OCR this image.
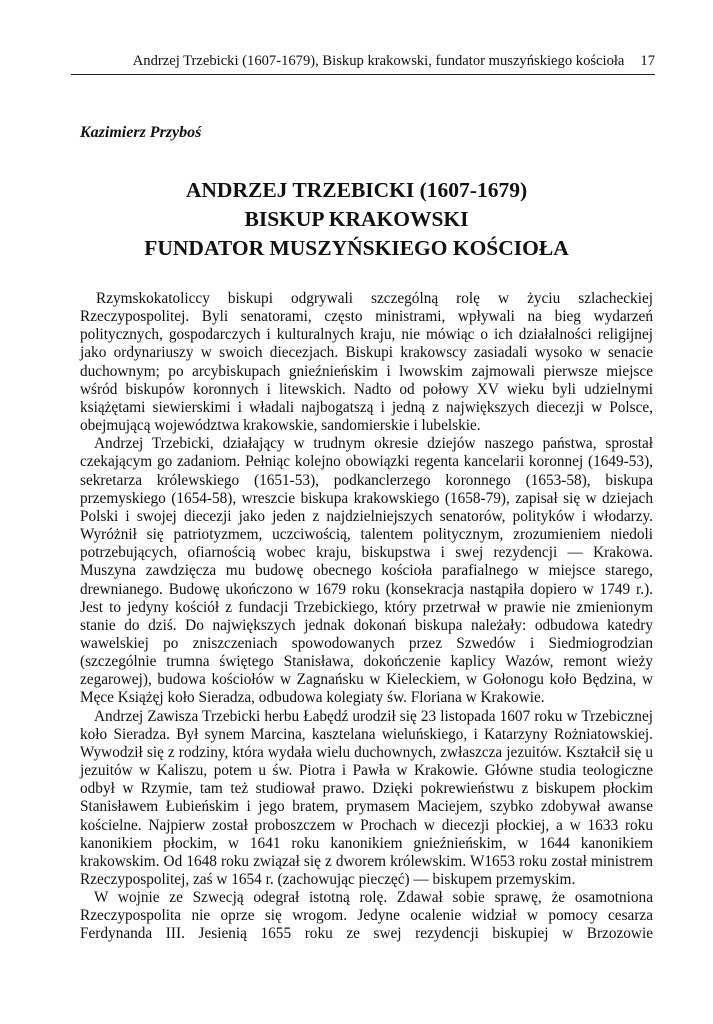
Andrzej Trzebicki (1607-1679), Biskup krakowski, fundator muszyńskiego kościoła 17
Kazimierz Przyboś
ANDRZEJ TRZEBICKI (1607-1679)
BISKUP KRAKOWSKI
FUNDATOR MUSZYŃSKIEGO KOŚCIOŁA

Rzymskokatoliccy biskupi odgrywali szczególną rolę w życiu szlacheckiej Rzeczypospolitej. Byli senatorami, często ministrami, wpływali na bieg wydarzeń politycznych, gospodarczych i kulturalnych kraju, nie mówiąc o ich działalności religijnej jako ordynariuszy w swoich diecezjach. Biskupi krakowscy zasiadali wysoko w senacie duchownym; po arcybiskupach gnieźnieńskim i lwowskim zajmowali pierwsze miejsce wśród biskupów koronnych i litewskich. Nadto od połowy XV wieku byli udzielnymi książętami siewierskimi i władali najbogatszą i jedną z największych diecezji w Polsce, obejmującą województwa krakowskie, sandomierskie i lubelskie.

Andrzej Trzebicki, działający w trudnym okresie dziejów naszego państwa, sprostał czekającym go zadaniom. Pełniąc kolejno obowiązki regenta kancelarii koronnej (1649-53), sekretarza królewskiego (1651-53), podkanclerzego koronnego (1653-58), biskupa przemyskiego (1654-58), wreszcie biskupa krakowskiego (1658-79), zapisał się w dziejach Polski i swojej diecezji jako jeden z najdzielniejszych senatorów, polityków i włodarzy. Wyróżnił się patriotyzmem, uczciwością, talentem politycznym, zrozumieniem niedoli potrzebujących, ofiarnością wobec kraju, biskupstwa i swej rezydencji — Krakowa. Muszyna zawdzięcza mu budowę obecnego kościoła parafialnego w miejsce starego, drewnianego. Budowę ukończono w 1679 roku (konsekracja nastąpiła dopiero w 1749 r.). Jest to jedyny kościół z fundacji Trzebickiego, który przetrwał w prawie nie zmienionym stanie do dziś. Do największych jednak dokonań biskupa należały: odbudowa katedry wawelskiej po zniszczeniach spowodowanych przez Szwedów i Siedmiogrodzian (szczególnie trumna świętego Stanisława, dokończenie kaplicy Wazów, remont wieży zegarowej), budowa kościołów w Zagnańsku w Kieleckiem, w Gołonogu koło Będzina, w Męce Książęj koło Sieradza, odbudowa kolegiaty św. Floriana w Krakowie.

Andrzej Zawisza Trzebicki herbu Łabędź urodził się 23 listopada 1607 roku w Trzebicznej koło Sieradza. Był synem Marcina, kasztelana wieluńskiego, i Katarzyny Rożniatowskiej. Wywodził się z rodziny, która wydała wielu duchownych, zwłaszcza jezuitów. Kształcił się u jezuitów w Kaliszu, potem u św. Piotra i Pawła w Krakowie. Główne studia teologiczne odbył w Rzymie, tam też studiował prawo. Dzięki pokrewieństwu z biskupem płockim Stanisławem Łubieńskim i jego bratem, prymasem Maciejem, szybko zdobywał awanse kościelne. Najpierw został proboszczem w Prochach w diecezji płockiej, a w 1633 roku kanonikiem płockim, w 1641 roku kanonikiem gnieźnieńskim, w 1644 kanonikiem krakowskim. Od 1648 roku związał się z dworem królewskim. W1653 roku został ministrem Rzeczypospolitej, zaś w 1654 r. (zachowując pieczęć) — biskupem przemyskim.

W wojnie ze Szwecją odegrał istotną rolę. Zdawał sobie sprawę, że osamotniona Rzeczypospolita nie oprze się wrogom. Jedyne ocalenie widział w pomocy cesarza Ferdynanda III. Jesienią 1655 roku ze swej rezydencji biskupiej w Brzozowie
